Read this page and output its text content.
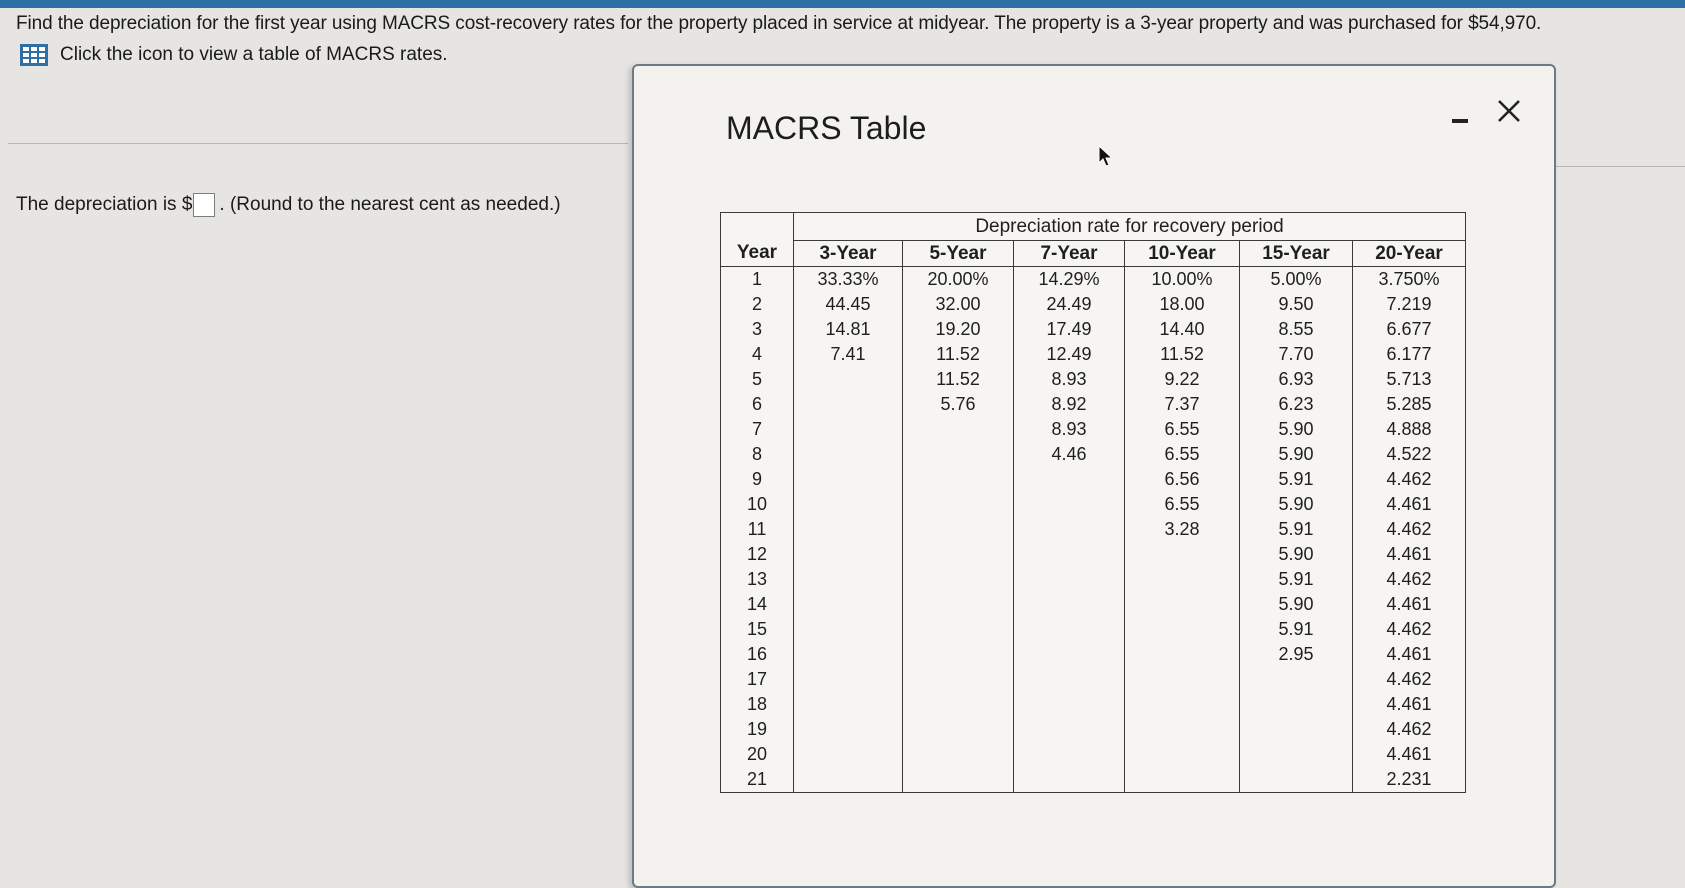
Find the depreciation for the first year using MACRS cost-recovery rates for the property placed in service at midyear. The property is a 3-year property and was purchased for $54,970.
Click the icon to view a table of MACRS rates.
The depreciation is $ . (Round to the nearest cent as needed.)
MACRS Table
	Depreciation rate for recovery period					
Year	3-Year	5-Year	7-Year	10-Year	15-Year	20-Year
1	33.33%	20.00%	14.29%	10.00%	5.00%	3.750%
2	44.45	32.00	24.49	18.00	9.50	7.219
3	14.81	19.20	17.49	14.40	8.55	6.677
4	7.41	11.52	12.49	11.52	7.70	6.177
5		11.52	8.93	9.22	6.93	5.713
6		5.76	8.92	7.37	6.23	5.285
7			8.93	6.55	5.90	4.888
8			4.46	6.55	5.90	4.522
9				6.56	5.91	4.462
10				6.55	5.90	4.461
11				3.28	5.91	4.462
12					5.90	4.461
13					5.91	4.462
14					5.90	4.461
15					5.91	4.462
16					2.95	4.461
17						4.462
18						4.461
19						4.462
20						4.461
21						2.231
